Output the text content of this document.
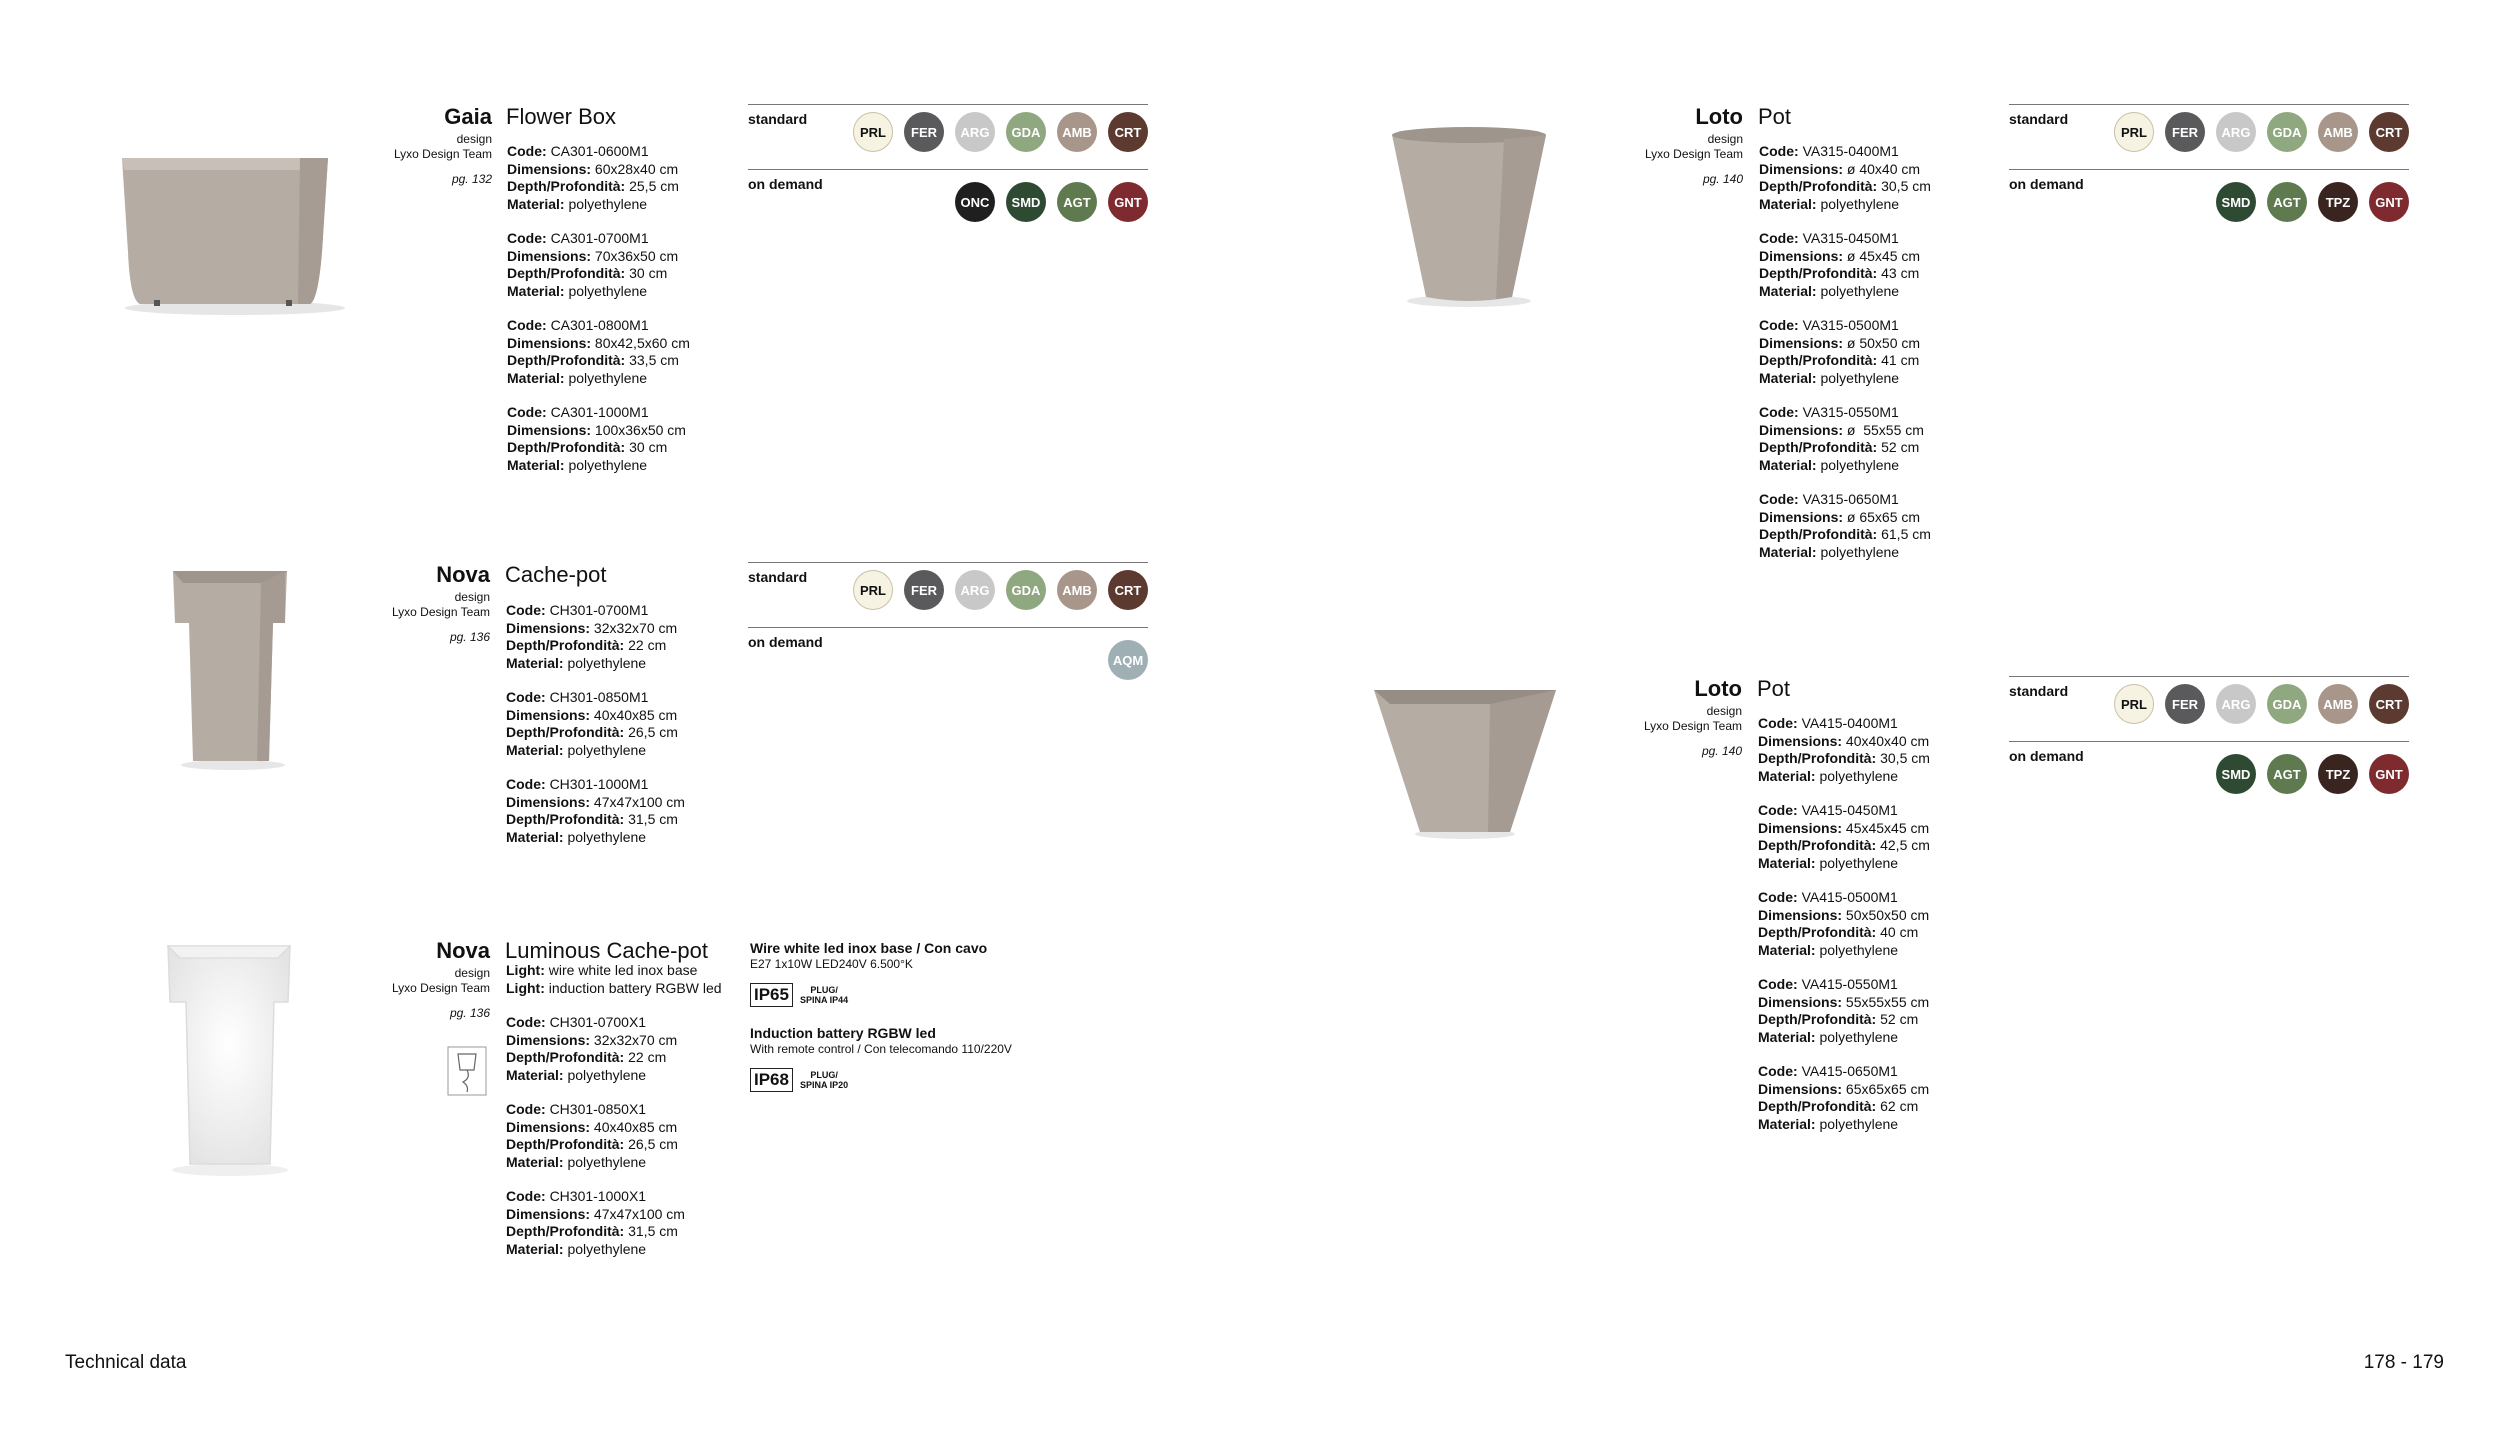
Gaia
design
Lyxo Design Team
pg. 132
Flower Box
Code: CA301-0600M1
Dimensions: 60x28x40 cm
Depth/Profondità: 25,5 cm
Material: polyethylene
Code: CA301-0700M1
Dimensions: 70x36x50 cm
Depth/Profondità: 30 cm
Material: polyethylene
Code: CA301-0800M1
Dimensions: 80x42,5x60 cm
Depth/Profondità: 33,5 cm
Material: polyethylene
Code: CA301-1000M1
Dimensions: 100x36x50 cm
Depth/Profondità: 30 cm
Material: polyethylene
standard
PRL	FER	ARG	GDA	AMB	CRT
on demand
ONC	SMD	AGT	GNT
Nova
design
Lyxo Design Team
pg. 136
Cache-pot
Code: CH301-0700M1
Dimensions: 32x32x70 cm
Depth/Profondità: 22 cm
Material: polyethylene
Code: CH301-0850M1
Dimensions: 40x40x85 cm
Depth/Profondità: 26,5 cm
Material: polyethylene
Code: CH301-1000M1
Dimensions: 47x47x100 cm
Depth/Profondità: 31,5 cm
Material: polyethylene
standard
PRL	FER	ARG	GDA	AMB	CRT
on demand
AQM
Nova
design
Lyxo Design Team
pg. 136
Luminous Cache-pot
Light: wire white led inox base
Light: induction battery RGBW led
Code: CH301-0700X1
Dimensions: 32x32x70 cm
Depth/Profondità: 22 cm
Material: polyethylene
Code: CH301-0850X1
Dimensions: 40x40x85 cm
Depth/Profondità: 26,5 cm
Material: polyethylene
Code: CH301-1000X1
Dimensions: 47x47x100 cm
Depth/Profondità: 31,5 cm
Material: polyethylene
Wire white led inox base / Con cavo
E27 1x10W LED240V 6.500°K
IP65	PLUG/
SPINA IP44
Induction battery RGBW led
With remote control / Con telecomando 110/220V
IP68	PLUG/
SPINA IP20
Loto
design
Lyxo Design Team
pg. 140
Pot
Code: VA315-0400M1
Dimensions: ø 40x40 cm
Depth/Profondità: 30,5 cm
Material: polyethylene
Code: VA315-0450M1
Dimensions: ø 45x45 cm
Depth/Profondità: 43 cm
Material: polyethylene
Code: VA315-0500M1
Dimensions: ø 50x50 cm
Depth/Profondità: 41 cm
Material: polyethylene
Code: VA315-0550M1
Dimensions: ø  55x55 cm
Depth/Profondità: 52 cm
Material: polyethylene
Code: VA315-0650M1
Dimensions: ø 65x65 cm
Depth/Profondità: 61,5 cm
Material: polyethylene
standard
PRL	FER	ARG	GDA	AMB	CRT
on demand
SMD	AGT	TPZ	GNT
Loto
design
Lyxo Design Team
pg. 140
Pot
Code: VA415-0400M1
Dimensions: 40x40x40 cm
Depth/Profondità: 30,5 cm
Material: polyethylene
Code: VA415-0450M1
Dimensions: 45x45x45 cm
Depth/Profondità: 42,5 cm
Material: polyethylene
Code: VA415-0500M1
Dimensions: 50x50x50 cm
Depth/Profondità: 40 cm
Material: polyethylene
Code: VA415-0550M1
Dimensions: 55x55x55 cm
Depth/Profondità: 52 cm
Material: polyethylene
Code: VA415-0650M1
Dimensions: 65x65x65 cm
Depth/Profondità: 62 cm
Material: polyethylene
standard
PRL	FER	ARG	GDA	AMB	CRT
on demand
SMD	AGT	TPZ	GNT
Technical data	178 - 179
